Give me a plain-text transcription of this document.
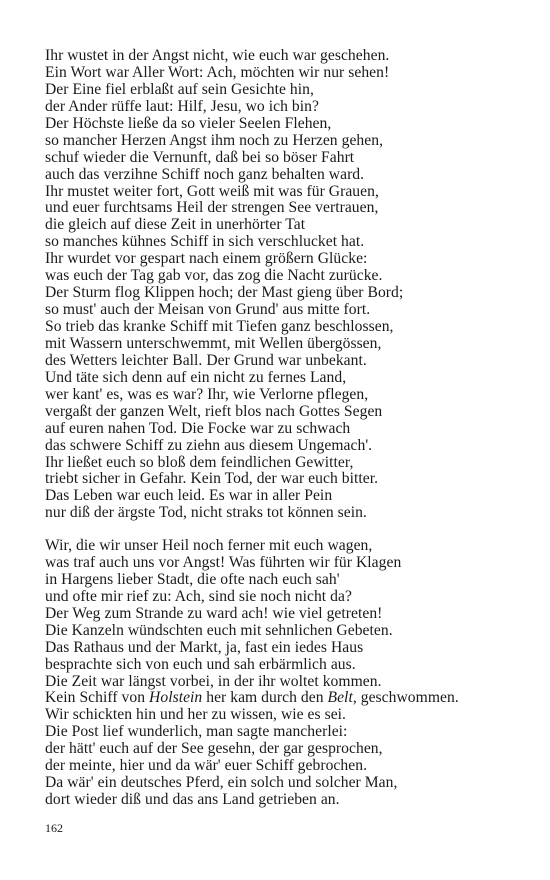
Ihr wustet in der Angst nicht, wie euch war geschehen.
Ein Wort war Aller Wort: Ach, möchten wir nur sehen!
Der Eine fiel erblaßt auf sein Gesichte hin,
der Ander rüffe laut: Hilf, Jesu, wo ich bin?
Der Höchste ließe da so vieler Seelen Flehen,
so mancher Herzen Angst ihm noch zu Herzen gehen,
schuf wieder die Vernunft, daß bei so böser Fahrt
auch das verzihne Schiff noch ganz behalten ward.
Ihr mustet weiter fort, Gott weiß mit was für Grauen,
und euer furchtsams Heil der strengen See vertrauen,
die gleich auf diese Zeit in unerhörter Tat
so manches kühnes Schiff in sich verschlucket hat.
Ihr wurdet vor gespart nach einem größern Glücke:
was euch der Tag gab vor, das zog die Nacht zurücke.
Der Sturm flog Klippen hoch; der Mast gieng über Bord;
so must' auch der Meisan von Grund' aus mitte fort.
So trieb das kranke Schiff mit Tiefen ganz beschlossen,
mit Wassern unterschwemmt, mit Wellen übergössen,
des Wetters leichter Ball. Der Grund war unbekant.
Und täte sich denn auf ein nicht zu fernes Land,
wer kant' es, was es war? Ihr, wie Verlorne pflegen,
vergaßt der ganzen Welt, rieft blos nach Gottes Segen
auf euren nahen Tod. Die Focke war zu schwach
das schwere Schiff zu ziehn aus diesem Ungemach'.
Ihr ließet euch so bloß dem feindlichen Gewitter,
triebt sicher in Gefahr. Kein Tod, der war euch bitter.
Das Leben war euch leid. Es war in aller Pein
nur diß der ärgste Tod, nicht straks tot können sein.
Wir, die wir unser Heil noch ferner mit euch wagen,
was traf auch uns vor Angst! Was führten wir für Klagen
in Hargens lieber Stadt, die ofte nach euch sah'
und ofte mir rief zu: Ach, sind sie noch nicht da?
Der Weg zum Strande zu ward ach! wie viel getreten!
Die Kanzeln wündschten euch mit sehnlichen Gebeten.
Das Rathaus und der Markt, ja, fast ein iedes Haus
besprachte sich von euch und sah erbärmlich aus.
Die Zeit war längst vorbei, in der ihr woltet kommen.
Kein Schiff von Holstein her kam durch den Belt, geschwommen.
Wir schickten hin und her zu wissen, wie es sei.
Die Post lief wunderlich, man sagte mancherlei:
der hätt' euch auf der See gesehn, der gar gesprochen,
der meinte, hier und da wär' euer Schiff gebrochen.
Da wär' ein deutsches Pferd, ein solch und solcher Man,
dort wieder diß und das ans Land getrieben an.
162
